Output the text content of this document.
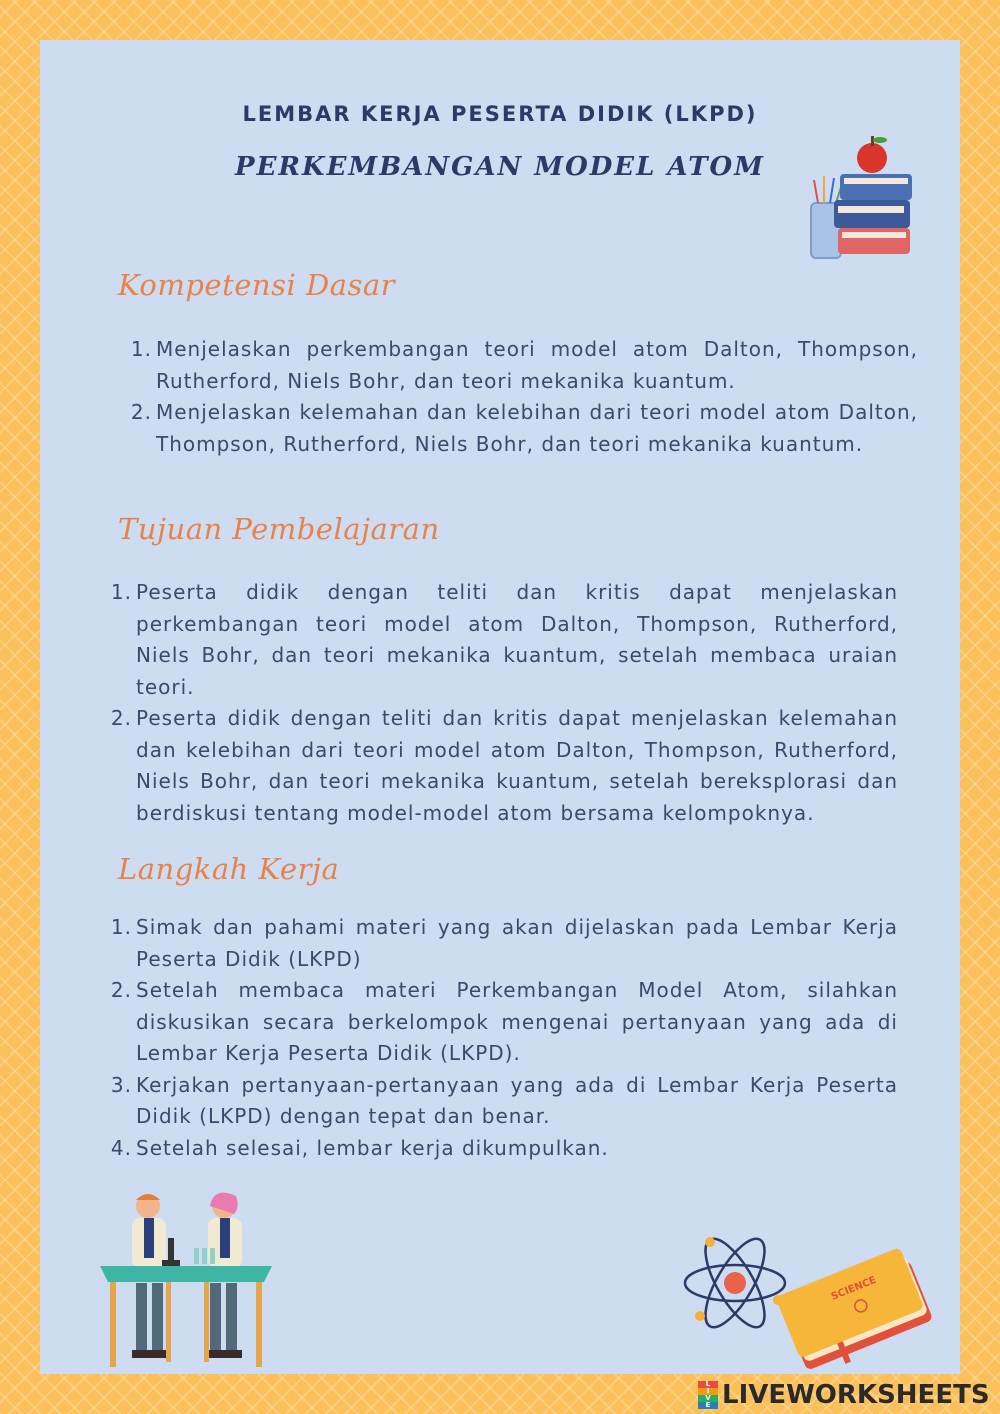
LEMBAR KERJA PESERTA DIDIK (LKPD)
PERKEMBANGAN MODEL ATOM
Kompetensi Dasar
1. Menjelaskan perkembangan teori model atom Dalton, Thompson, Rutherford, Niels Bohr, dan teori mekanika kuantum.
2. Menjelaskan kelemahan dan kelebihan dari teori model atom Dalton, Thompson, Rutherford, Niels Bohr, dan teori mekanika kuantum.
Tujuan Pembelajaran
1. Peserta didik dengan teliti dan kritis dapat menjelaskan perkembangan teori model atom Dalton, Thompson, Rutherford, Niels Bohr, dan teori mekanika kuantum, setelah membaca uraian teori.
2. Peserta didik dengan teliti dan kritis dapat menjelaskan kelemahan dan kelebihan dari teori model atom Dalton, Thompson, Rutherford, Niels Bohr, dan teori mekanika kuantum, setelah bereksplorasi dan berdiskusi tentang model-model atom bersama kelompoknya.
Langkah Kerja
1. Simak dan pahami materi yang akan dijelaskan pada Lembar Kerja Peserta Didik (LKPD)
2. Setelah membaca materi Perkembangan Model Atom, silahkan diskusikan secara berkelompok mengenai pertanyaan yang ada di Lembar Kerja Peserta Didik (LKPD).
3. Kerjakan pertanyaan-pertanyaan yang ada di Lembar Kerja Peserta Didik (LKPD) dengan tepat dan benar.
4. Setelah selesai, lembar kerja dikumpulkan.
SCIENCE
L
I
V
E LIVEWORKSHEETS
